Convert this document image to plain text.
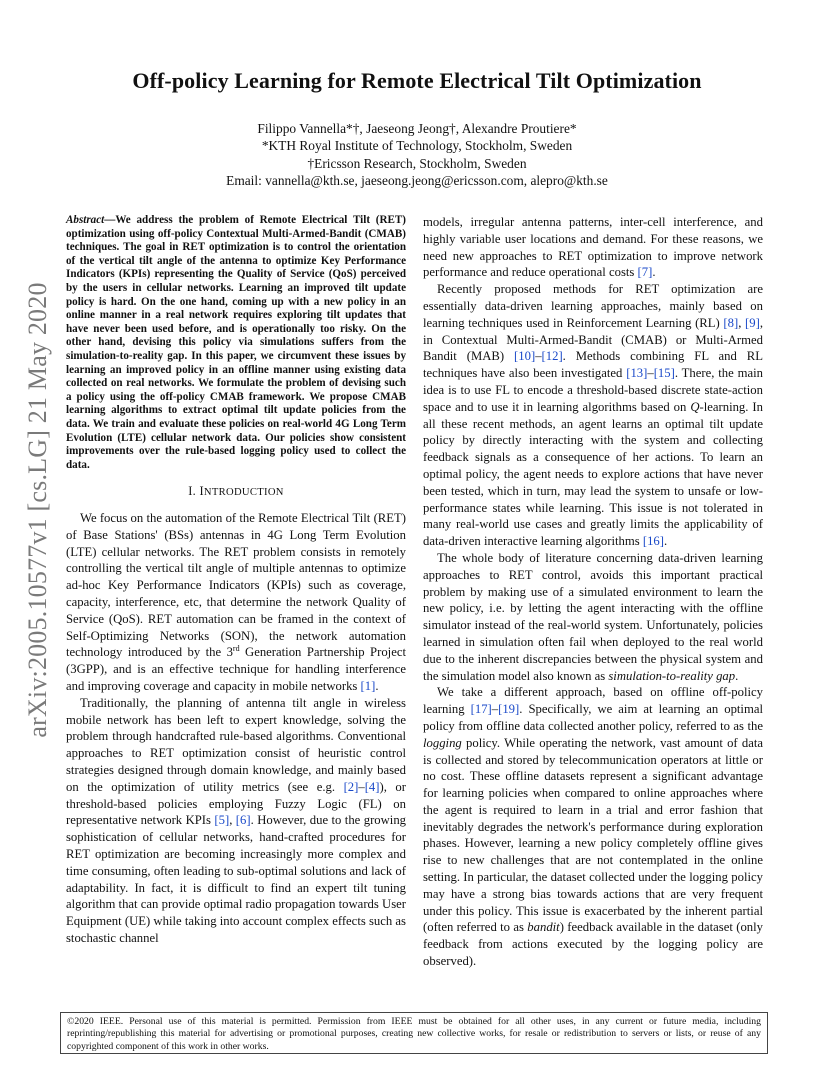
arXiv:2005.10577v1 [cs.LG] 21 May 2020
Off-policy Learning for Remote Electrical Tilt Optimization
Filippo Vannella*†, Jaeseong Jeong†, Alexandre Proutiere*
*KTH Royal Institute of Technology, Stockholm, Sweden
†Ericsson Research, Stockholm, Sweden
Email: vannella@kth.se, jaeseong.jeong@ericsson.com, alepro@kth.se

Abstract—We address the problem of Remote Electrical Tilt (RET) optimization using off-policy Contextual Multi-Armed-Bandit (CMAB) techniques. The goal in RET optimization is to control the orientation of the vertical tilt angle of the antenna to optimize Key Performance Indicators (KPIs) representing the Quality of Service (QoS) perceived by the users in cellular networks. Learning an improved tilt update policy is hard. On the one hand, coming up with a new policy in an online manner in a real network requires exploring tilt updates that have never been used before, and is operationally too risky. On the other hand, devising this policy via simulations suffers from the simulation-to-reality gap. In this paper, we circumvent these issues by learning an improved policy in an offline manner using existing data collected on real networks. We formulate the problem of devising such a policy using the off-policy CMAB framework. We propose CMAB learning algorithms to extract optimal tilt update policies from the data. We train and evaluate these policies on real-world 4G Long Term Evolution (LTE) cellular network data. Our policies show consistent improvements over the rule-based logging policy used to collect the data.

I. INTRODUCTION

We focus on the automation of the Remote Electrical Tilt (RET) of Base Stations' (BSs) antennas in 4G Long Term Evolution (LTE) cellular networks. The RET problem consists in remotely controlling the vertical tilt angle of multiple antennas to optimize ad-hoc Key Performance Indicators (KPIs) such as coverage, capacity, interference, etc, that determine the network Quality of Service (QoS). RET automation can be framed in the context of Self-Optimizing Networks (SON), the network automation technology introduced by the 3rd Generation Partnership Project (3GPP), and is an effective technique for handling interference and improving coverage and capacity in mobile networks [1].

Traditionally, the planning of antenna tilt angle in wireless mobile network has been left to expert knowledge, solving the problem through handcrafted rule-based algorithms. Conventional approaches to RET optimization consist of heuristic control strategies designed through domain knowledge, and mainly based on the optimization of utility metrics (see e.g. [2]–[4]), or threshold-based policies employing Fuzzy Logic (FL) on representative network KPIs [5], [6]. However, due to the growing sophistication of cellular networks, hand-crafted procedures for RET optimization are becoming increasingly more complex and time consuming, often leading to sub-optimal solutions and lack of adaptability. In fact, it is difficult to find an expert tilt tuning algorithm that can provide optimal radio propagation towards User Equipment (UE) while taking into account complex effects such as stochastic channel

models, irregular antenna patterns, inter-cell interference, and highly variable user locations and demand. For these reasons, we need new approaches to RET optimization to improve network performance and reduce operational costs [7].

Recently proposed methods for RET optimization are essentially data-driven learning approaches, mainly based on learning techniques used in Reinforcement Learning (RL) [8], [9], in Contextual Multi-Armed-Bandit (CMAB) or Multi-Armed Bandit (MAB) [10]–[12]. Methods combining FL and RL techniques have also been investigated [13]–[15]. There, the main idea is to use FL to encode a threshold-based discrete state-action space and to use it in learning algorithms based on Q-learning. In all these recent methods, an agent learns an optimal tilt update policy by directly interacting with the system and collecting feedback signals as a consequence of her actions. To learn an optimal policy, the agent needs to explore actions that have never been tested, which in turn, may lead the system to unsafe or low-performance states while learning. This issue is not tolerated in many real-world use cases and greatly limits the applicability of data-driven interactive learning algorithms [16].

The whole body of literature concerning data-driven learning approaches to RET control, avoids this important practical problem by making use of a simulated environment to learn the new policy, i.e. by letting the agent interacting with the offline simulator instead of the real-world system. Unfortunately, policies learned in simulation often fail when deployed to the real world due to the inherent discrepancies between the physical system and the simulation model also known as simulation-to-reality gap.

We take a different approach, based on offline off-policy learning [17]–[19]. Specifically, we aim at learning an optimal policy from offline data collected another policy, referred to as the logging policy. While operating the network, vast amount of data is collected and stored by telecommunication operators at little or no cost. These offline datasets represent a significant advantage for learning policies when compared to online approaches where the agent is required to learn in a trial and error fashion that inevitably degrades the network's performance during exploration phases. However, learning a new policy completely offline gives rise to new challenges that are not contemplated in the online setting. In particular, the dataset collected under the logging policy may have a strong bias towards actions that are very frequent under this policy. This issue is exacerbated by the inherent partial (often referred to as bandit) feedback available in the dataset (only feedback from actions executed by the logging policy are observed).

©2020 IEEE. Personal use of this material is permitted. Permission from IEEE must be obtained for all other uses, in any current or future media, including reprinting/republishing this material for advertising or promotional purposes, creating new collective works, for resale or redistribution to servers or lists, or reuse of any copyrighted component of this work in other works.
